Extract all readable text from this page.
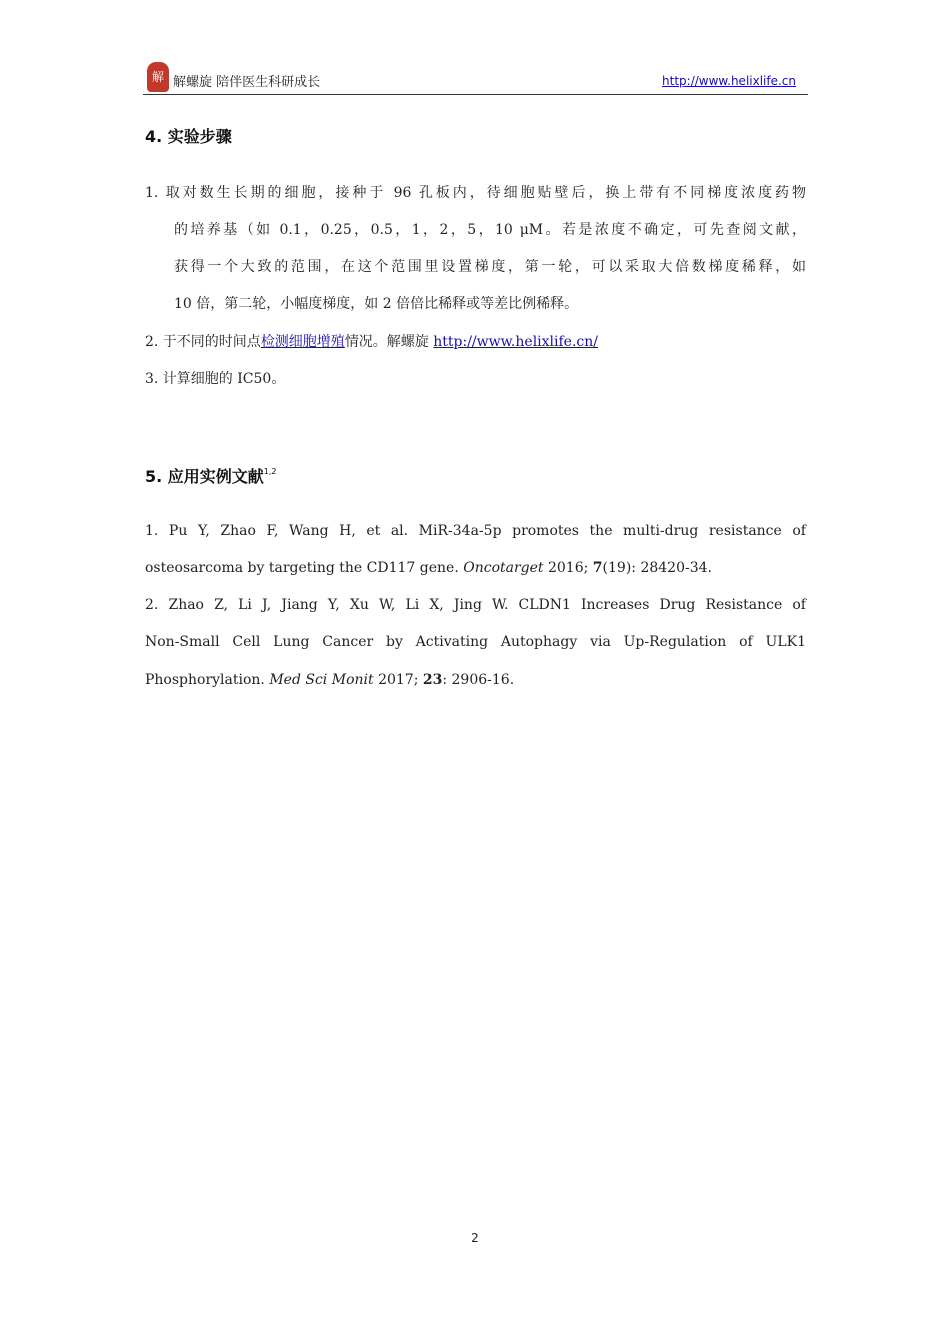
解 解螺旋 陪伴医生科研成长	http://www.helixlife.cn
4. 实验步骤
1. 取对数生长期的细胞，接种于 96 孔板内，待细胞贴壁后，换上带有不同梯度浓度药物
的培养基（如 0.1，0.25，0.5，1，2，5，10 μM。若是浓度不确定，可先查阅文献，
获得一个大致的范围，在这个范围里设置梯度，第一轮，可以采取大倍数梯度稀释，如
10 倍，第二轮，小幅度梯度，如 2 倍倍比稀释或等差比例稀释。
2. 于不同的时间点检测细胞增殖情况。解螺旋 http://www.helixlife.cn/
3. 计算细胞的 IC50。
5. 应用实例文献$^{1,2}$
1. Pu Y, Zhao F, Wang H, et al. MiR-34a-5p promotes the multi-drug resistance of
osteosarcoma by targeting the CD117 gene. Oncotarget 2016; 7(19): 28420-34.
2. Zhao Z, Li J, Jiang Y, Xu W, Li X, Jing W. CLDN1 Increases Drug Resistance of
Non-Small Cell Lung Cancer by Activating Autophagy via Up-Regulation of ULK1
Phosphorylation. Med Sci Monit 2017; 23: 2906-16.
2
